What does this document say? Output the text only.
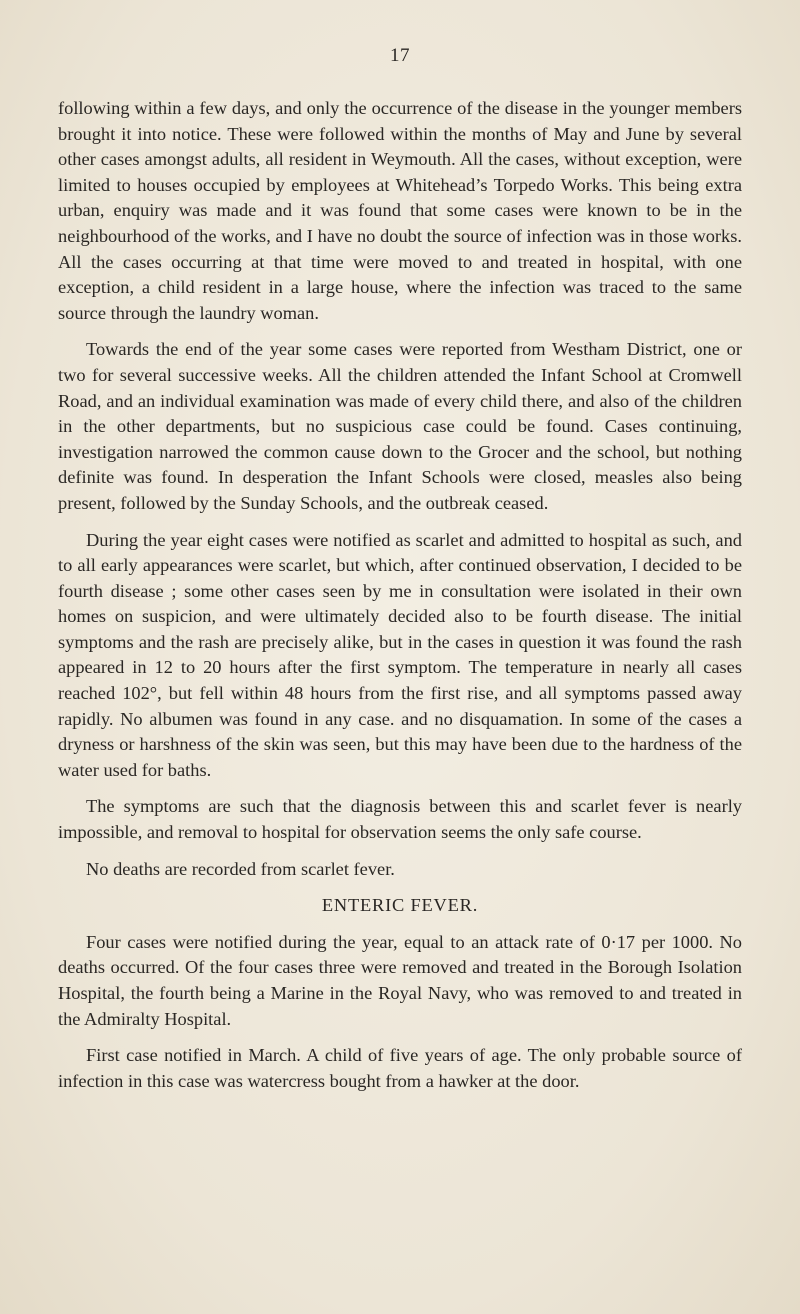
17

following within a few days, and only the occurrence of the disease in the younger members brought it into notice. These were followed within the months of May and June by several other cases amongst adults, all resident in Weymouth. All the cases, without exception, were limited to houses occupied by employees at Whitehead’s Torpedo Works. This being extra urban, enquiry was made and it was found that some cases were known to be in the neighbourhood of the works, and I have no doubt the source of infection was in those works. All the cases occurring at that time were moved to and treated in hospital, with one exception, a child resident in a large house, where the infection was traced to the same source through the laundry woman.

Towards the end of the year some cases were reported from Westham District, one or two for several successive weeks. All the children attended the Infant School at Cromwell Road, and an individual examination was made of every child there, and also of the children in the other departments, but no suspicious case could be found. Cases continuing, investigation narrowed the common cause down to the Grocer and the school, but nothing definite was found. In desperation the Infant Schools were closed, measles also being present, followed by the Sunday Schools, and the outbreak ceased.

During the year eight cases were notified as scarlet and admitted to hospital as such, and to all early appearances were scarlet, but which, after continued observation, I decided to be fourth disease ; some other cases seen by me in consultation were isolated in their own homes on suspicion, and were ultimately decided also to be fourth disease. The initial symptoms and the rash are precisely alike, but in the cases in question it was found the rash appeared in 12 to 20 hours after the first symptom. The temperature in nearly all cases reached 102°, but fell within 48 hours from the first rise, and all symptoms passed away rapidly. No albumen was found in any case. and no disquamation. In some of the cases a dryness or harshness of the skin was seen, but this may have been due to the hardness of the water used for baths.

The symptoms are such that the diagnosis between this and scarlet fever is nearly impossible, and removal to hospital for observation seems the only safe course.

No deaths are recorded from scarlet fever.

ENTERIC FEVER.

Four cases were notified during the year, equal to an attack rate of 0·17 per 1000. No deaths occurred. Of the four cases three were removed and treated in the Borough Isolation Hospital, the fourth being a Marine in the Royal Navy, who was removed to and treated in the Admiralty Hospital.

First case notified in March. A child of five years of age. The only probable source of infection in this case was watercress bought from a hawker at the door.
